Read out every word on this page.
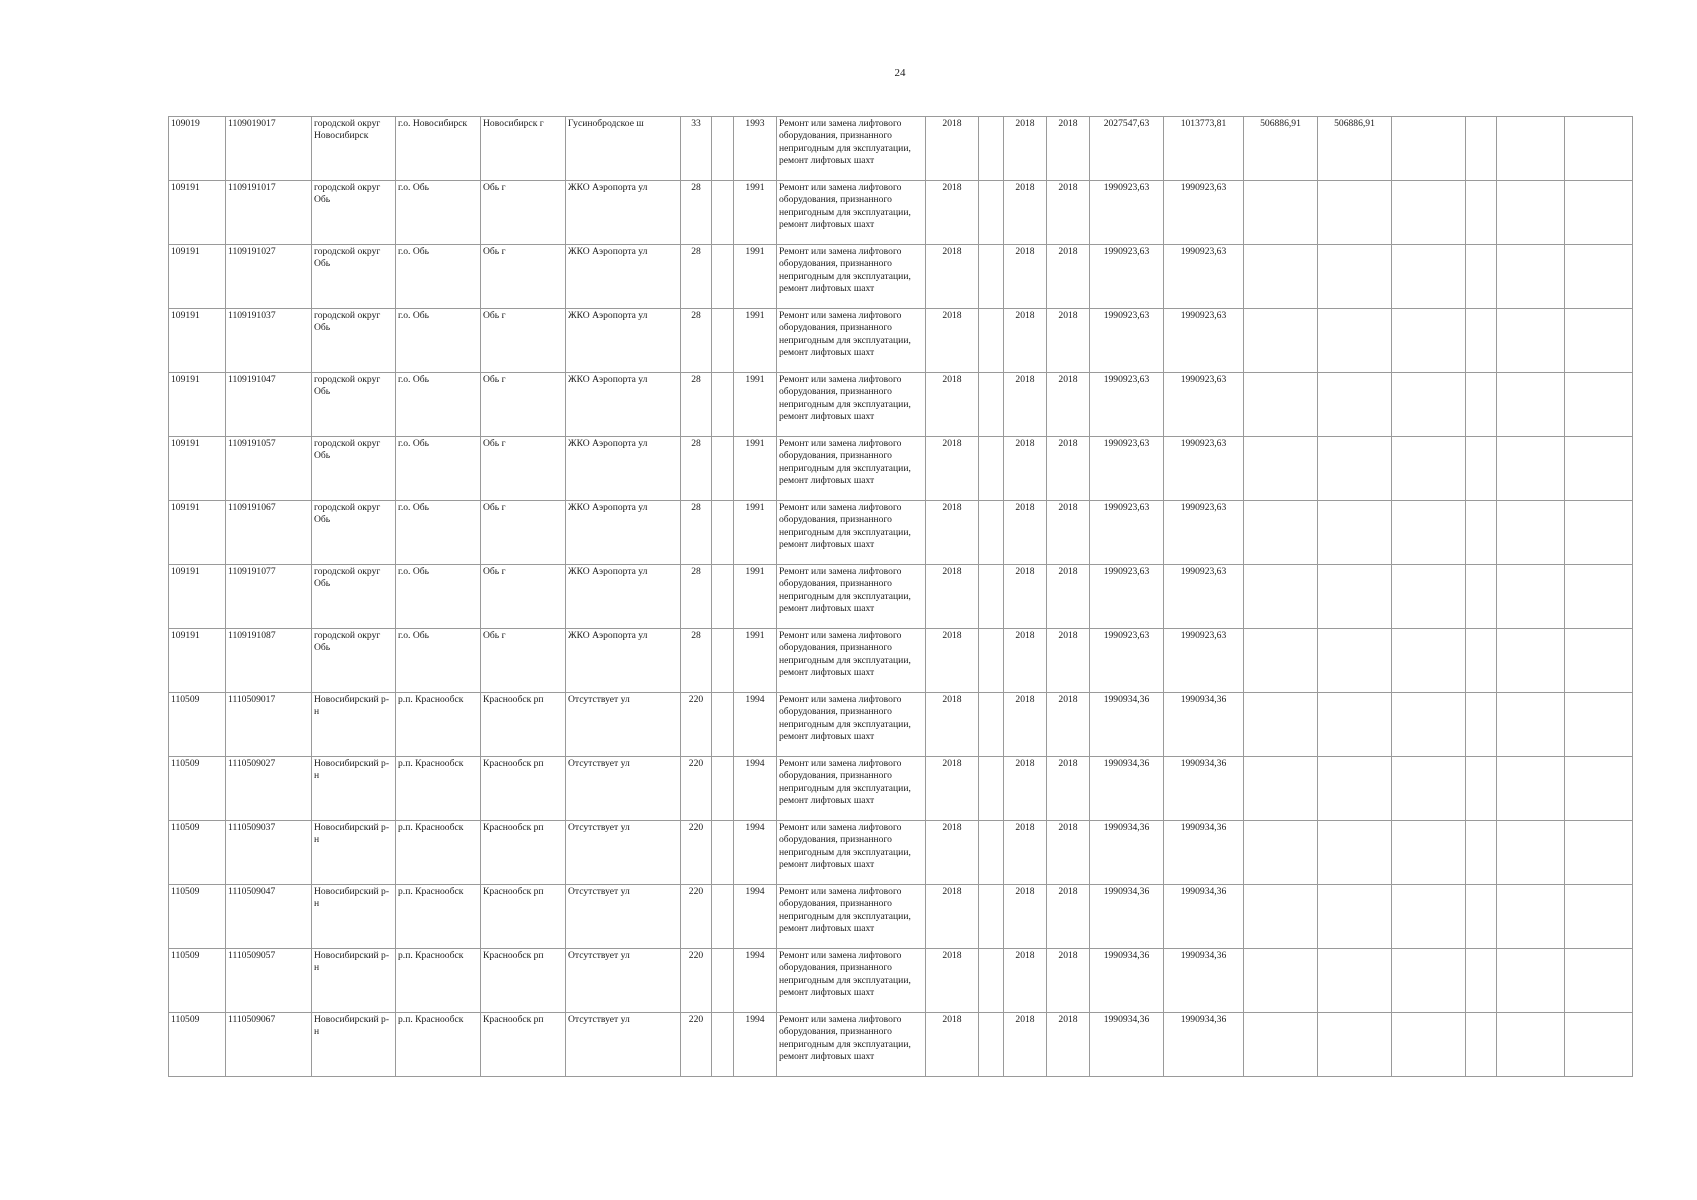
24
109019	1109019017	городской округ Новосибирск	г.о. Новосибирск	Новосибирск г	Гусинобродское ш	33		1993	Ремонт или замена лифтового оборудования, признанного непригодным для эксплуатации, ремонт лифтовых шахт	2018		2018	2018	2027547,63	1013773,81	506886,91	506886,91				
109191	1109191017	городской округ Обь	г.о. Обь	Обь г	ЖКО Аэропорта ул	28		1991	Ремонт или замена лифтового оборудования, признанного непригодным для эксплуатации, ремонт лифтовых шахт	2018		2018	2018	1990923,63	1990923,63						
109191	1109191027	городской округ Обь	г.о. Обь	Обь г	ЖКО Аэропорта ул	28		1991	Ремонт или замена лифтового оборудования, признанного непригодным для эксплуатации, ремонт лифтовых шахт	2018		2018	2018	1990923,63	1990923,63						
109191	1109191037	городской округ Обь	г.о. Обь	Обь г	ЖКО Аэропорта ул	28		1991	Ремонт или замена лифтового оборудования, признанного непригодным для эксплуатации, ремонт лифтовых шахт	2018		2018	2018	1990923,63	1990923,63						
109191	1109191047	городской округ Обь	г.о. Обь	Обь г	ЖКО Аэропорта ул	28		1991	Ремонт или замена лифтового оборудования, признанного непригодным для эксплуатации, ремонт лифтовых шахт	2018		2018	2018	1990923,63	1990923,63						
109191	1109191057	городской округ Обь	г.о. Обь	Обь г	ЖКО Аэропорта ул	28		1991	Ремонт или замена лифтового оборудования, признанного непригодным для эксплуатации, ремонт лифтовых шахт	2018		2018	2018	1990923,63	1990923,63						
109191	1109191067	городской округ Обь	г.о. Обь	Обь г	ЖКО Аэропорта ул	28		1991	Ремонт или замена лифтового оборудования, признанного непригодным для эксплуатации, ремонт лифтовых шахт	2018		2018	2018	1990923,63	1990923,63						
109191	1109191077	городской округ Обь	г.о. Обь	Обь г	ЖКО Аэропорта ул	28		1991	Ремонт или замена лифтового оборудования, признанного непригодным для эксплуатации, ремонт лифтовых шахт	2018		2018	2018	1990923,63	1990923,63						
109191	1109191087	городской округ Обь	г.о. Обь	Обь г	ЖКО Аэропорта ул	28		1991	Ремонт или замена лифтового оборудования, признанного непригодным для эксплуатации, ремонт лифтовых шахт	2018		2018	2018	1990923,63	1990923,63						
110509	1110509017	Новосибирский р-н	р.п. Краснообск	Краснообск рп	Отсутствует ул	220		1994	Ремонт или замена лифтового оборудования, признанного непригодным для эксплуатации, ремонт лифтовых шахт	2018		2018	2018	1990934,36	1990934,36						
110509	1110509027	Новосибирский р-н	р.п. Краснообск	Краснообск рп	Отсутствует ул	220		1994	Ремонт или замена лифтового оборудования, признанного непригодным для эксплуатации, ремонт лифтовых шахт	2018		2018	2018	1990934,36	1990934,36						
110509	1110509037	Новосибирский р-н	р.п. Краснообск	Краснообск рп	Отсутствует ул	220		1994	Ремонт или замена лифтового оборудования, признанного непригодным для эксплуатации, ремонт лифтовых шахт	2018		2018	2018	1990934,36	1990934,36						
110509	1110509047	Новосибирский р-н	р.п. Краснообск	Краснообск рп	Отсутствует ул	220		1994	Ремонт или замена лифтового оборудования, признанного непригодным для эксплуатации, ремонт лифтовых шахт	2018		2018	2018	1990934,36	1990934,36						
110509	1110509057	Новосибирский р-н	р.п. Краснообск	Краснообск рп	Отсутствует ул	220		1994	Ремонт или замена лифтового оборудования, признанного непригодным для эксплуатации, ремонт лифтовых шахт	2018		2018	2018	1990934,36	1990934,36						
110509	1110509067	Новосибирский р-н	р.п. Краснообск	Краснообск рп	Отсутствует ул	220		1994	Ремонт или замена лифтового оборудования, признанного непригодным для эксплуатации, ремонт лифтовых шахт	2018		2018	2018	1990934,36	1990934,36						
